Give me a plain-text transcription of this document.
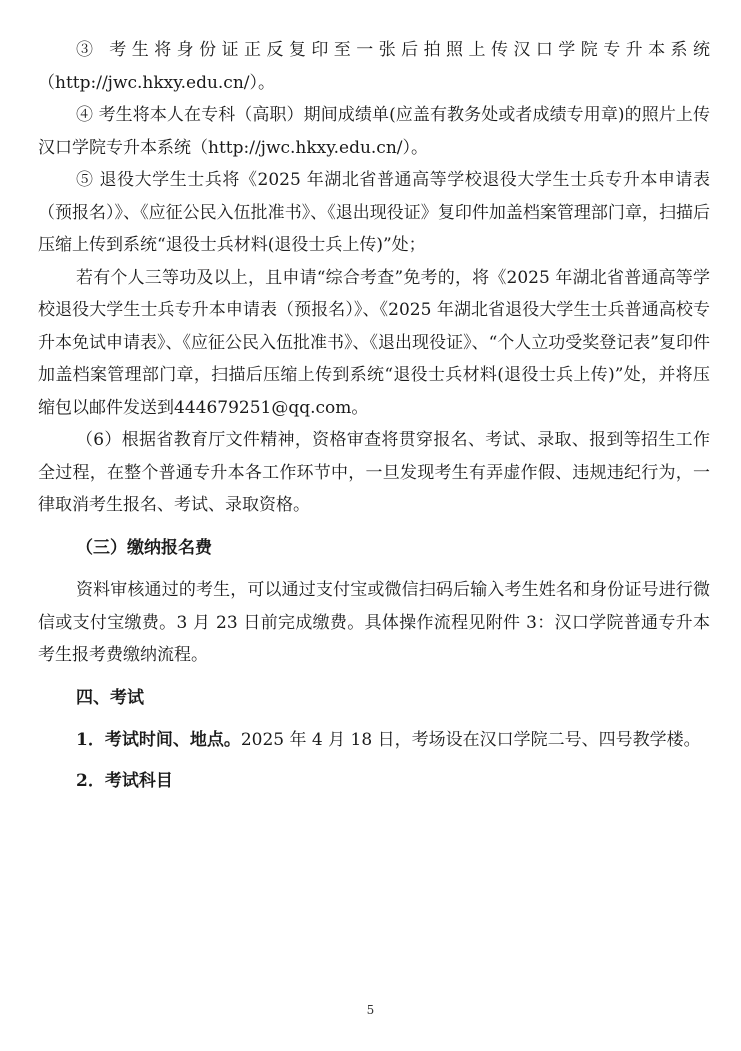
③ 考生将身份证正反复印至一张后拍照上传汉口学院专升本系统（http://jwc.hkxy.edu.cn/）。

④ 考生将本人在专科（高职）期间成绩单(应盖有教务处或者成绩专用章)的照片上传汉口学院专升本系统（http://jwc.hkxy.edu.cn/）。

⑤ 退役大学生士兵将《2025 年湖北省普通高等学校退役大学生士兵专升本申请表（预报名）》、《应征公民入伍批准书》、《退出现役证》复印件加盖档案管理部门章，扫描后压缩上传到系统“退役士兵材料(退役士兵上传)”处；

若有个人三等功及以上，且申请“综合考查”免考的，将《2025 年湖北省普通高等学校退役大学生士兵专升本申请表（预报名）》、《2025 年湖北省退役大学生士兵普通高校专升本免试申请表》、《应征公民入伍批准书》、《退出现役证》、“个人立功受奖登记表”复印件加盖档案管理部门章，扫描后压缩上传到系统“退役士兵材料(退役士兵上传)”处，并将压缩包以邮件发送到444679251@qq.com。

（6）根据省教育厅文件精神，资格审查将贯穿报名、考试、录取、报到等招生工作全过程，在整个普通专升本各工作环节中，一旦发现考生有弄虚作假、违规违纪行为，一律取消考生报名、考试、录取资格。

（三）缴纳报名费

资料审核通过的考生，可以通过支付宝或微信扫码后输入考生姓名和身份证号进行微信或支付宝缴费。3 月 23 日前完成缴费。具体操作流程见附件 3：汉口学院普通专升本考生报考费缴纳流程。

四、考试

1．考试时间、地点。2025 年 4 月 18 日，考场设在汉口学院二号、四号教学楼。

2．考试科目

5
